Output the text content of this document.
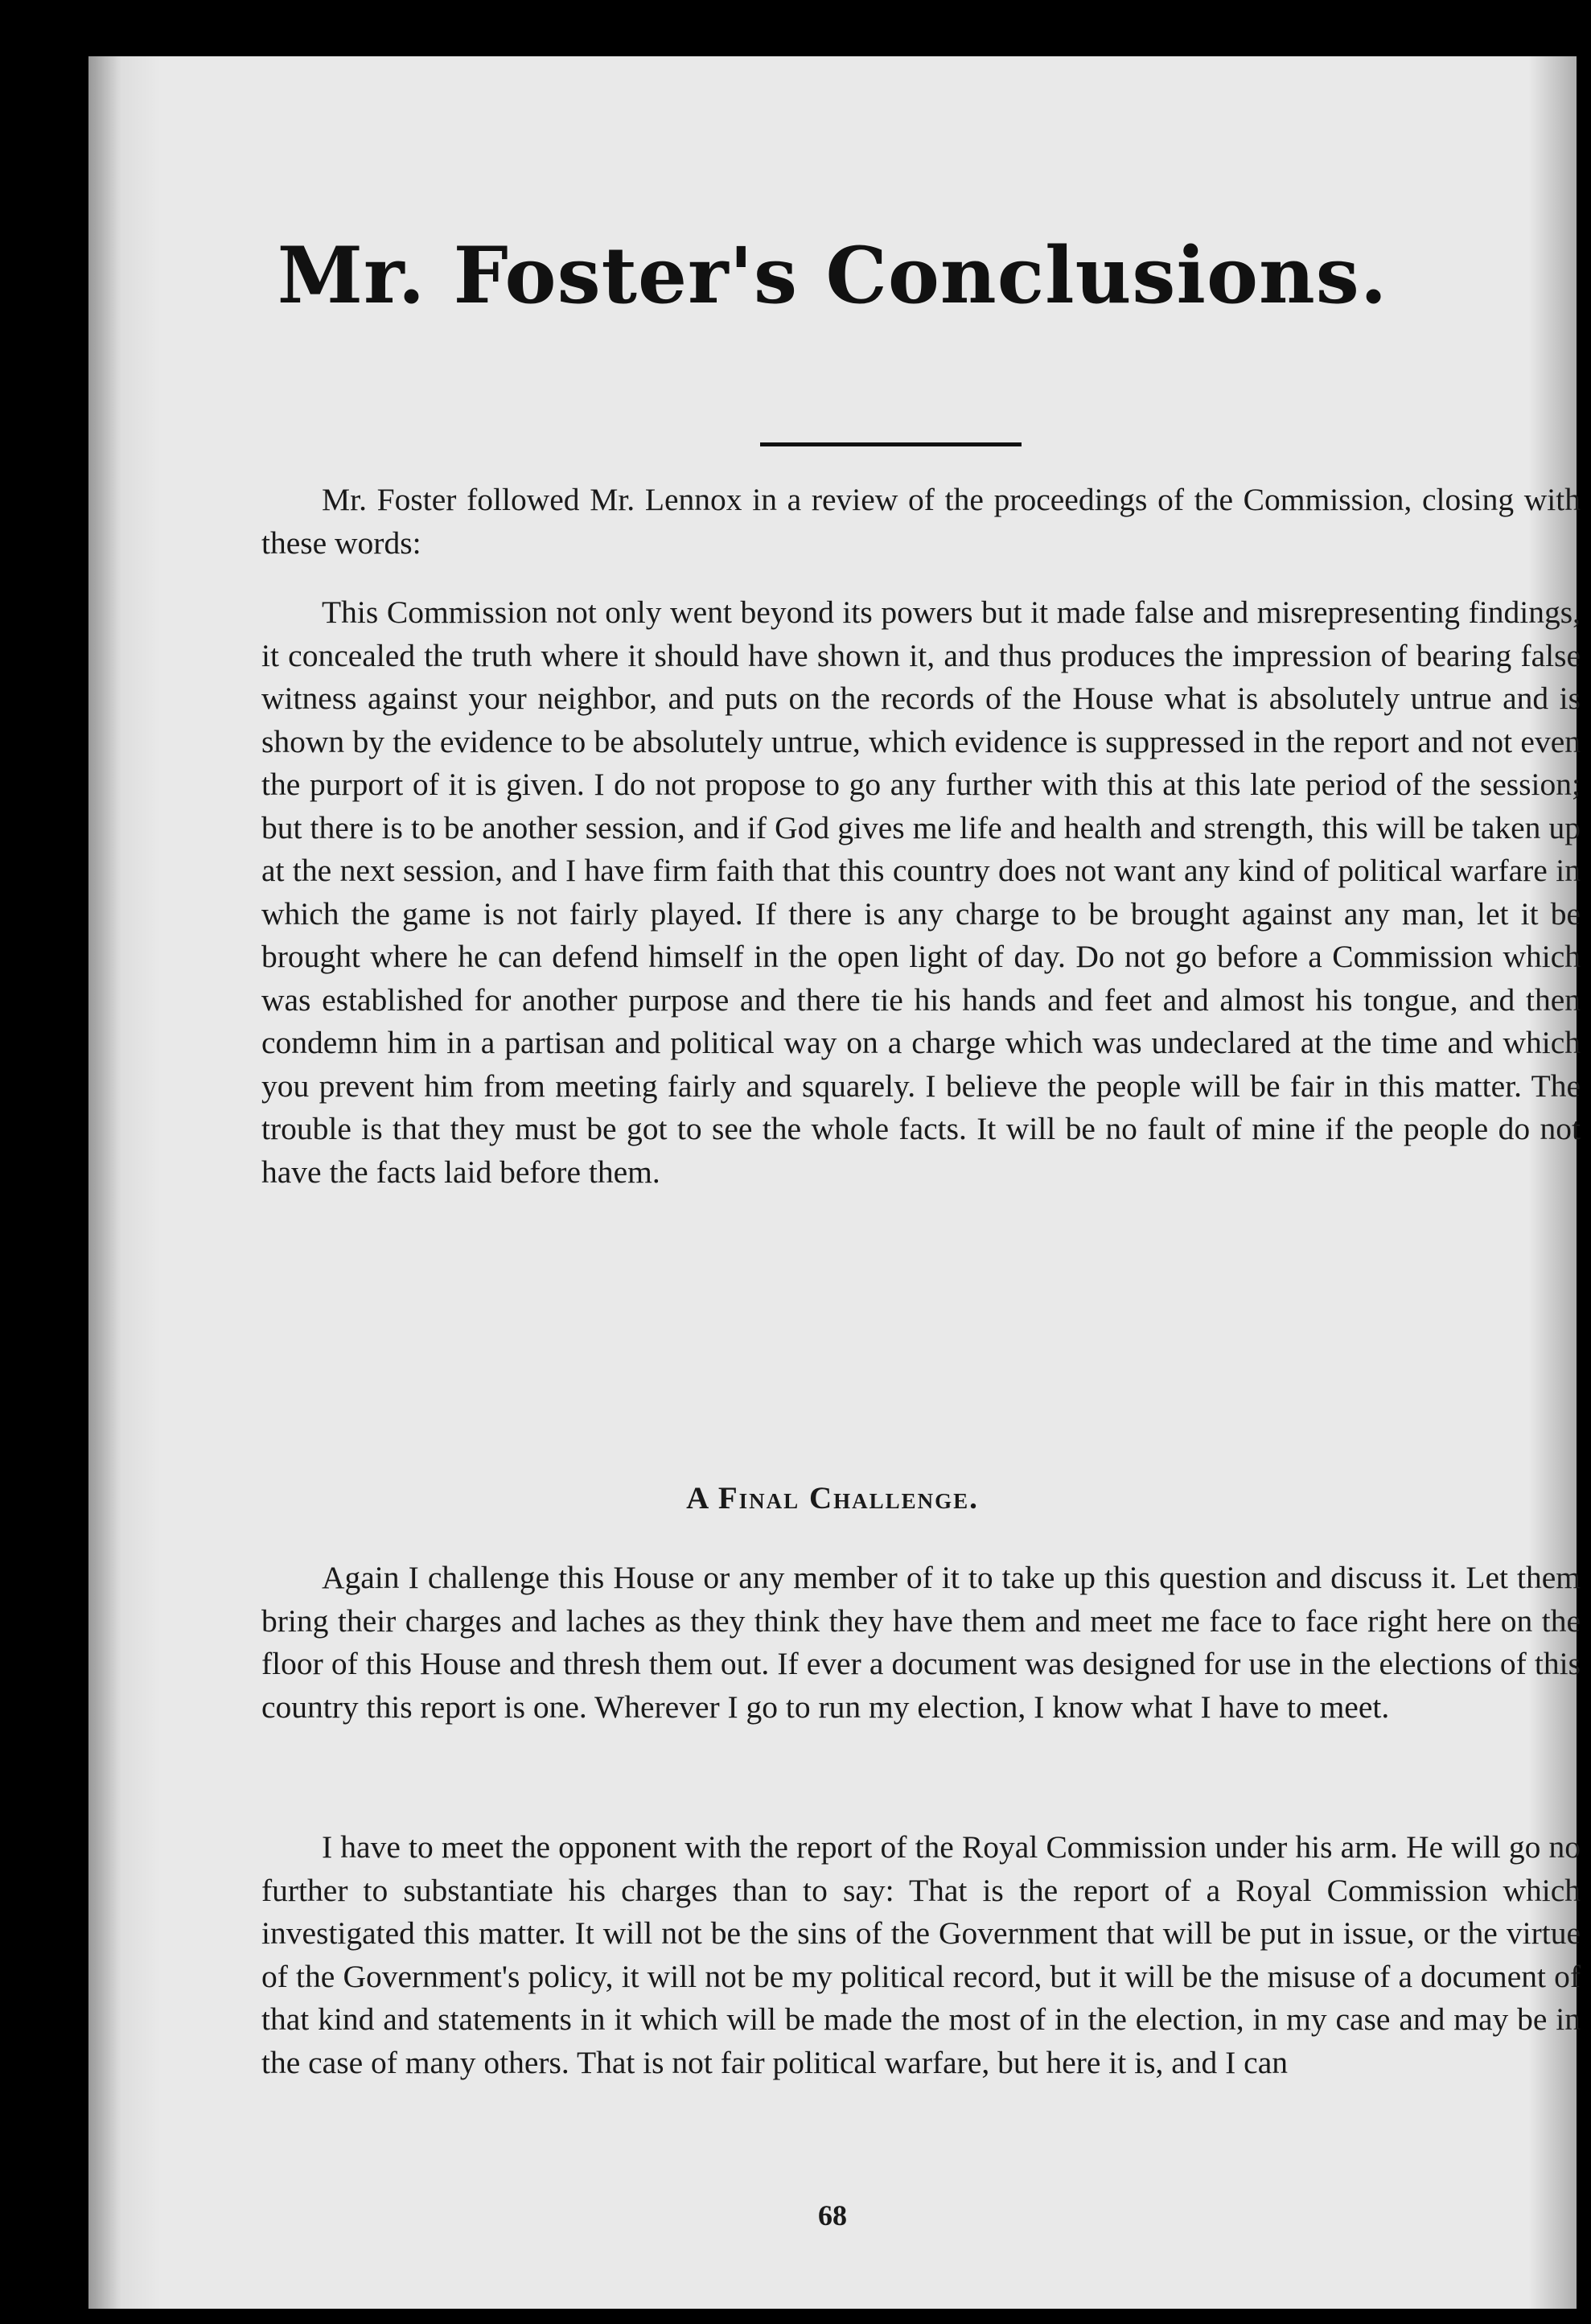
Mr. Foster's Conclusions.

Mr. Foster followed Mr. Lennox in a review of the proceedings of the Commission, closing with these words:

This Commission not only went beyond its powers but it made false and misrepresenting findings, it concealed the truth where it should have shown it, and thus produces the impression of bearing false witness against your neighbor, and puts on the records of the House what is absolutely untrue and is shown by the evidence to be absolutely untrue, which evidence is suppressed in the report and not even the purport of it is given. I do not propose to go any further with this at this late period of the session; but there is to be another session, and if God gives me life and health and strength, this will be taken up at the next session, and I have firm faith that this country does not want any kind of political warfare in which the game is not fairly played. If there is any charge to be brought against any man, let it be brought where he can defend himself in the open light of day. Do not go before a Commission which was established for another purpose and there tie his hands and feet and almost his tongue, and then condemn him in a partisan and political way on a charge which was undeclared at the time and which you prevent him from meeting fairly and squarely. I believe the people will be fair in this matter. The trouble is that they must be got to see the whole facts. It will be no fault of mine if the people do not have the facts laid before them.

A Final Challenge.

Again I challenge this House or any member of it to take up this question and discuss it. Let them bring their charges and laches as they think they have them and meet me face to face right here on the floor of this House and thresh them out. If ever a document was designed for use in the elections of this country this report is one. Wherever I go to run my election, I know what I have to meet.

I have to meet the opponent with the report of the Royal Commission under his arm. He will go no further to substantiate his charges than to say: That is the report of a Royal Commission which investigated this matter. It will not be the sins of the Government that will be put in issue, or the virtue of the Government's policy, it will not be my political record, but it will be the misuse of a document of that kind and statements in it which will be made the most of in the election, in my case and may be in the case of many others. That is not fair political warfare, but here it is, and I can

68
